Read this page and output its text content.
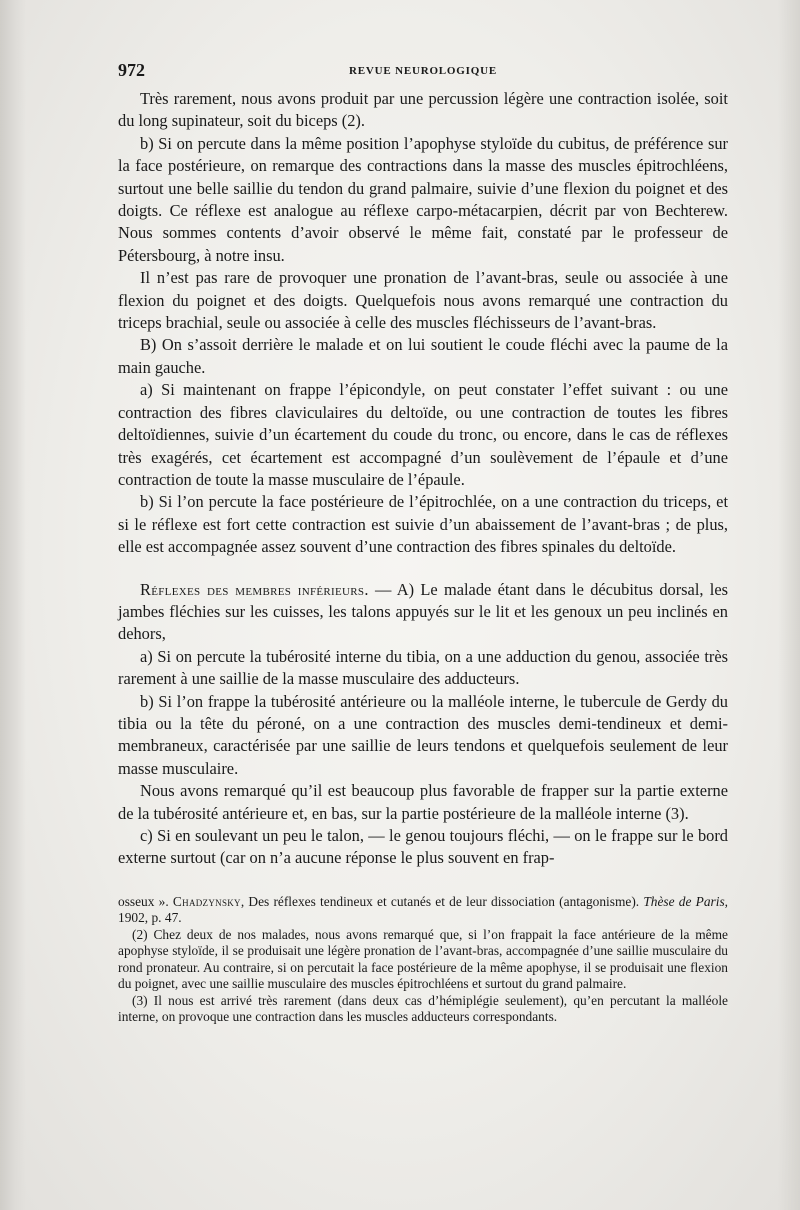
972	REVUE NEUROLOGIQUE

Très rarement, nous avons produit par une percussion légère une contraction isolée, soit du long supinateur, soit du biceps (2).

b) Si on percute dans la même position l’apophyse styloïde du cubitus, de préférence sur la face postérieure, on remarque des contractions dans la masse des muscles épitrochléens, surtout une belle saillie du tendon du grand palmaire, suivie d’une flexion du poignet et des doigts. Ce réflexe est analogue au réflexe carpo-métacarpien, décrit par von Bechterew. Nous sommes contents d’avoir observé le même fait, constaté par le professeur de Pétersbourg, à notre insu.

Il n’est pas rare de provoquer une pronation de l’avant-bras, seule ou associée à une flexion du poignet et des doigts. Quelquefois nous avons remarqué une contraction du triceps brachial, seule ou associée à celle des muscles fléchisseurs de l’avant-bras.

B) On s’assoit derrière le malade et on lui soutient le coude fléchi avec la paume de la main gauche.

a) Si maintenant on frappe l’épicondyle, on peut constater l’effet suivant : ou une contraction des fibres claviculaires du deltoïde, ou une contraction de toutes les fibres deltoïdiennes, suivie d’un écartement du coude du tronc, ou encore, dans le cas de réflexes très exagérés, cet écartement est accompagné d’un soulèvement de l’épaule et d’une contraction de toute la masse musculaire de l’épaule.

b) Si l’on percute la face postérieure de l’épitrochlée, on a une contraction du triceps, et si le réflexe est fort cette contraction est suivie d’un abaissement de l’avant-bras ; de plus, elle est accompagnée assez souvent d’une contraction des fibres spinales du deltoïde.

Réflexes des membres inférieurs. — A) Le malade étant dans le décubitus dorsal, les jambes fléchies sur les cuisses, les talons appuyés sur le lit et les genoux un peu inclinés en dehors,

a) Si on percute la tubérosité interne du tibia, on a une adduction du genou, associée très rarement à une saillie de la masse musculaire des adducteurs.

b) Si l’on frappe la tubérosité antérieure ou la malléole interne, le tubercule de Gerdy du tibia ou la tête du péroné, on a une contraction des muscles demi-tendineux et demi-membraneux, caractérisée par une saillie de leurs tendons et quelquefois seulement de leur masse musculaire.

Nous avons remarqué qu’il est beaucoup plus favorable de frapper sur la partie externe de la tubérosité antérieure et, en bas, sur la partie postérieure de la malléole interne (3).

c) Si en soulevant un peu le talon, — le genou toujours fléchi, — on le frappe sur le bord externe surtout (car on n’a aucune réponse le plus souvent en frap-

osseux ». Chadzynsky, Des réflexes tendineux et cutanés et de leur dissociation (antagonisme). Thèse de Paris, 1902, p. 47.

(2) Chez deux de nos malades, nous avons remarqué que, si l’on frappait la face antérieure de la même apophyse styloïde, il se produisait une légère pronation de l’avant-bras, accompagnée d’une saillie musculaire du rond pronateur. Au contraire, si on percutait la face postérieure de la même apophyse, il se produisait une flexion du poignet, avec une saillie musculaire des muscles épitrochléens et surtout du grand palmaire.

(3) Il nous est arrivé très rarement (dans deux cas d’hémiplégie seulement), qu’en percutant la malléole interne, on provoque une contraction dans les muscles adducteurs correspondants.
